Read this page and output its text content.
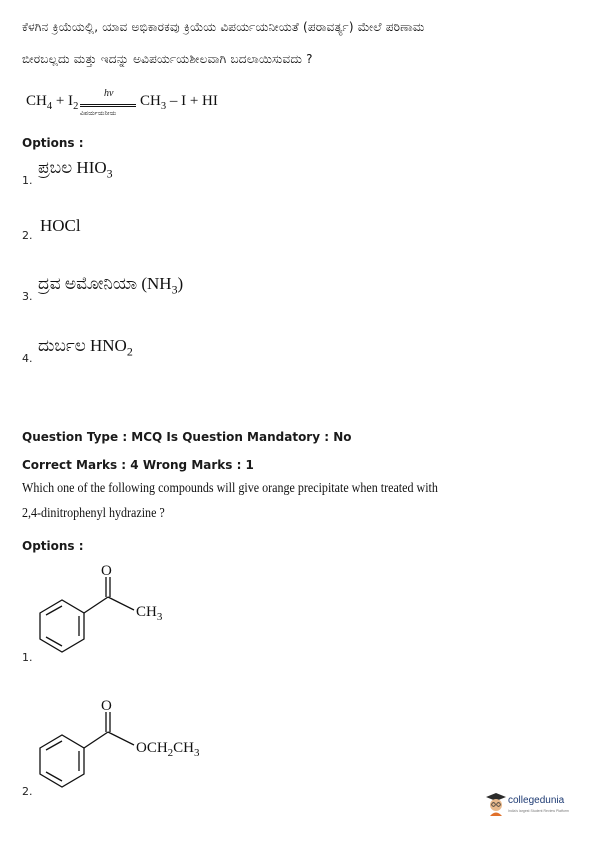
ಕೆಳಗಿನ ಕ್ರಿಯೆಯಲ್ಲಿ, ಯಾವ ಅಭಿಕಾರಕವು ಕ್ರಿಯೆಯ ವಿಪರ್ಯಯನೀಯತೆ (ಪರಾವರ್ತ್ಯ) ಮೇಲೆ ಪರಿಣಾಮ
ಬೀರಬಲ್ಲದು ಮತ್ತು ಇದನ್ನು ಅವಿಪರ್ಯಯಶೀಲವಾಗಿ ಬದಲಾಯಿಸುವದು ?
$CH_4 + I_2$
hν
ವಿಪರ್ಯಯನೀಯ
$CH_3$ – I + HI
Options :
1.
ಪ್ರಬಲ $HIO_3$
2.
HOCl
3.
ದ್ರವ ಅಮೋನಿಯಾ $(NH_3)$
4.
ದುರ್ಬಲ $HNO_2$
Question Type : MCQ Is Question Mandatory : No
Correct Marks : 4 Wrong Marks : 1
Which one of the following compounds will give orange precipitate when treated with
2,4-dinitrophenyl hydrazine ?
Options :
O
$CH_3$
1.
O
$OCH_2CH_3$
2.
collegedunia
India's largest Student Review Platform
